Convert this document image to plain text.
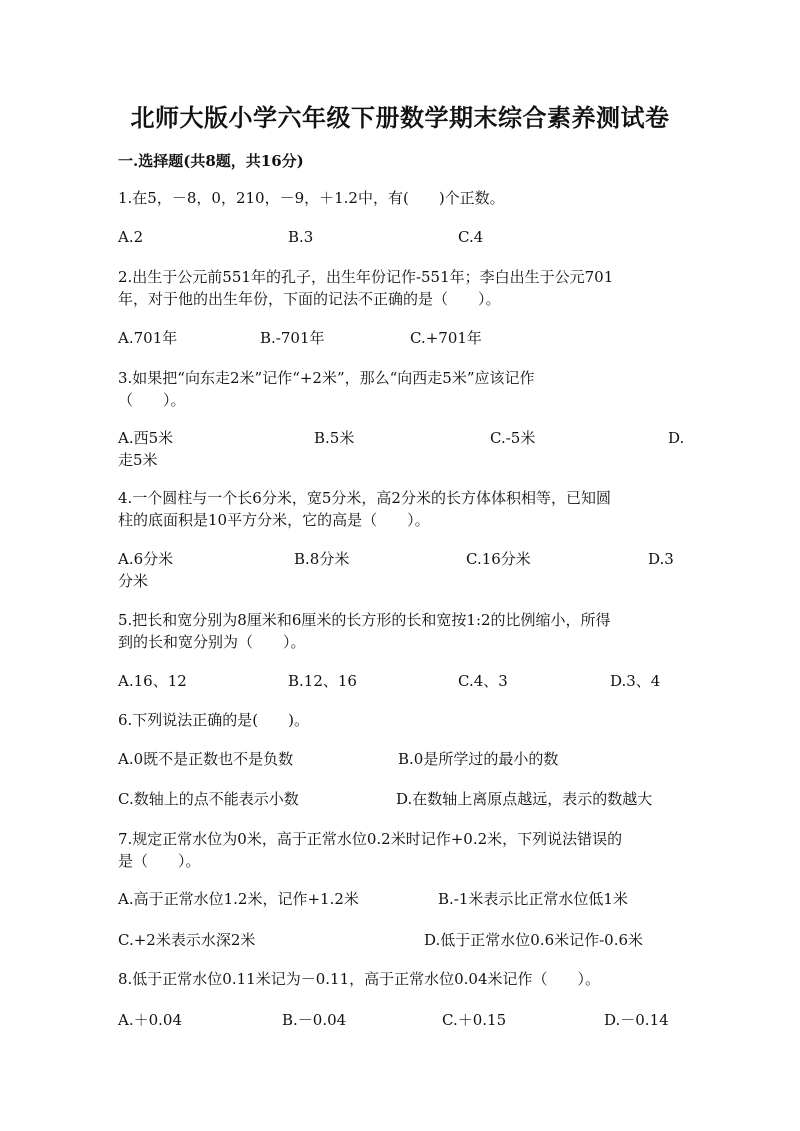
北师大版小学六年级下册数学期末综合素养测试卷
一.选择题(共8题，共16分)
1.在5，－8，0，210，－9，＋1.2中，有(　　)个正数。
A.2	B.3	C.4
2.出生于公元前551年的孔子，出生年份记作-551年；李白出生于公元701
年，对于他的出生年份，下面的记法不正确的是（　　）。
A.701年	B.-701年	C.+701年
3.如果把“向东走2米”记作“+2米”，那么“向西走5米”应该记作
（　　）。
A.西5米	B.5米	C.-5米	D.
走5米
4.一个圆柱与一个长6分米，宽5分米，高2分米的长方体体积相等，已知圆
柱的底面积是10平方分米，它的高是（　　）。
A.6分米	B.8分米	C.16分米	D.3
分米
5.把长和宽分别为8厘米和6厘米的长方形的长和宽按1:2的比例缩小，所得
到的长和宽分别为（　　）。
A.16、12	B.12、16	C.4、3	D.3、4
6.下列说法正确的是(　　)。
A.0既不是正数也不是负数	B.0是所学过的最小的数
C.数轴上的点不能表示小数	D.在数轴上离原点越远，表示的数越大
7.规定正常水位为0米，高于正常水位0.2米时记作+0.2米，下列说法错误的
是（　　）。
A.高于正常水位1.2米，记作+1.2米	B.-1米表示比正常水位低1米
C.+2米表示水深2米	D.低于正常水位0.6米记作-0.6米
8.低于正常水位0.11米记为－0.11，高于正常水位0.04米记作（　　）。
A.＋0.04	B.－0.04	C.＋0.15	D.－0.14
